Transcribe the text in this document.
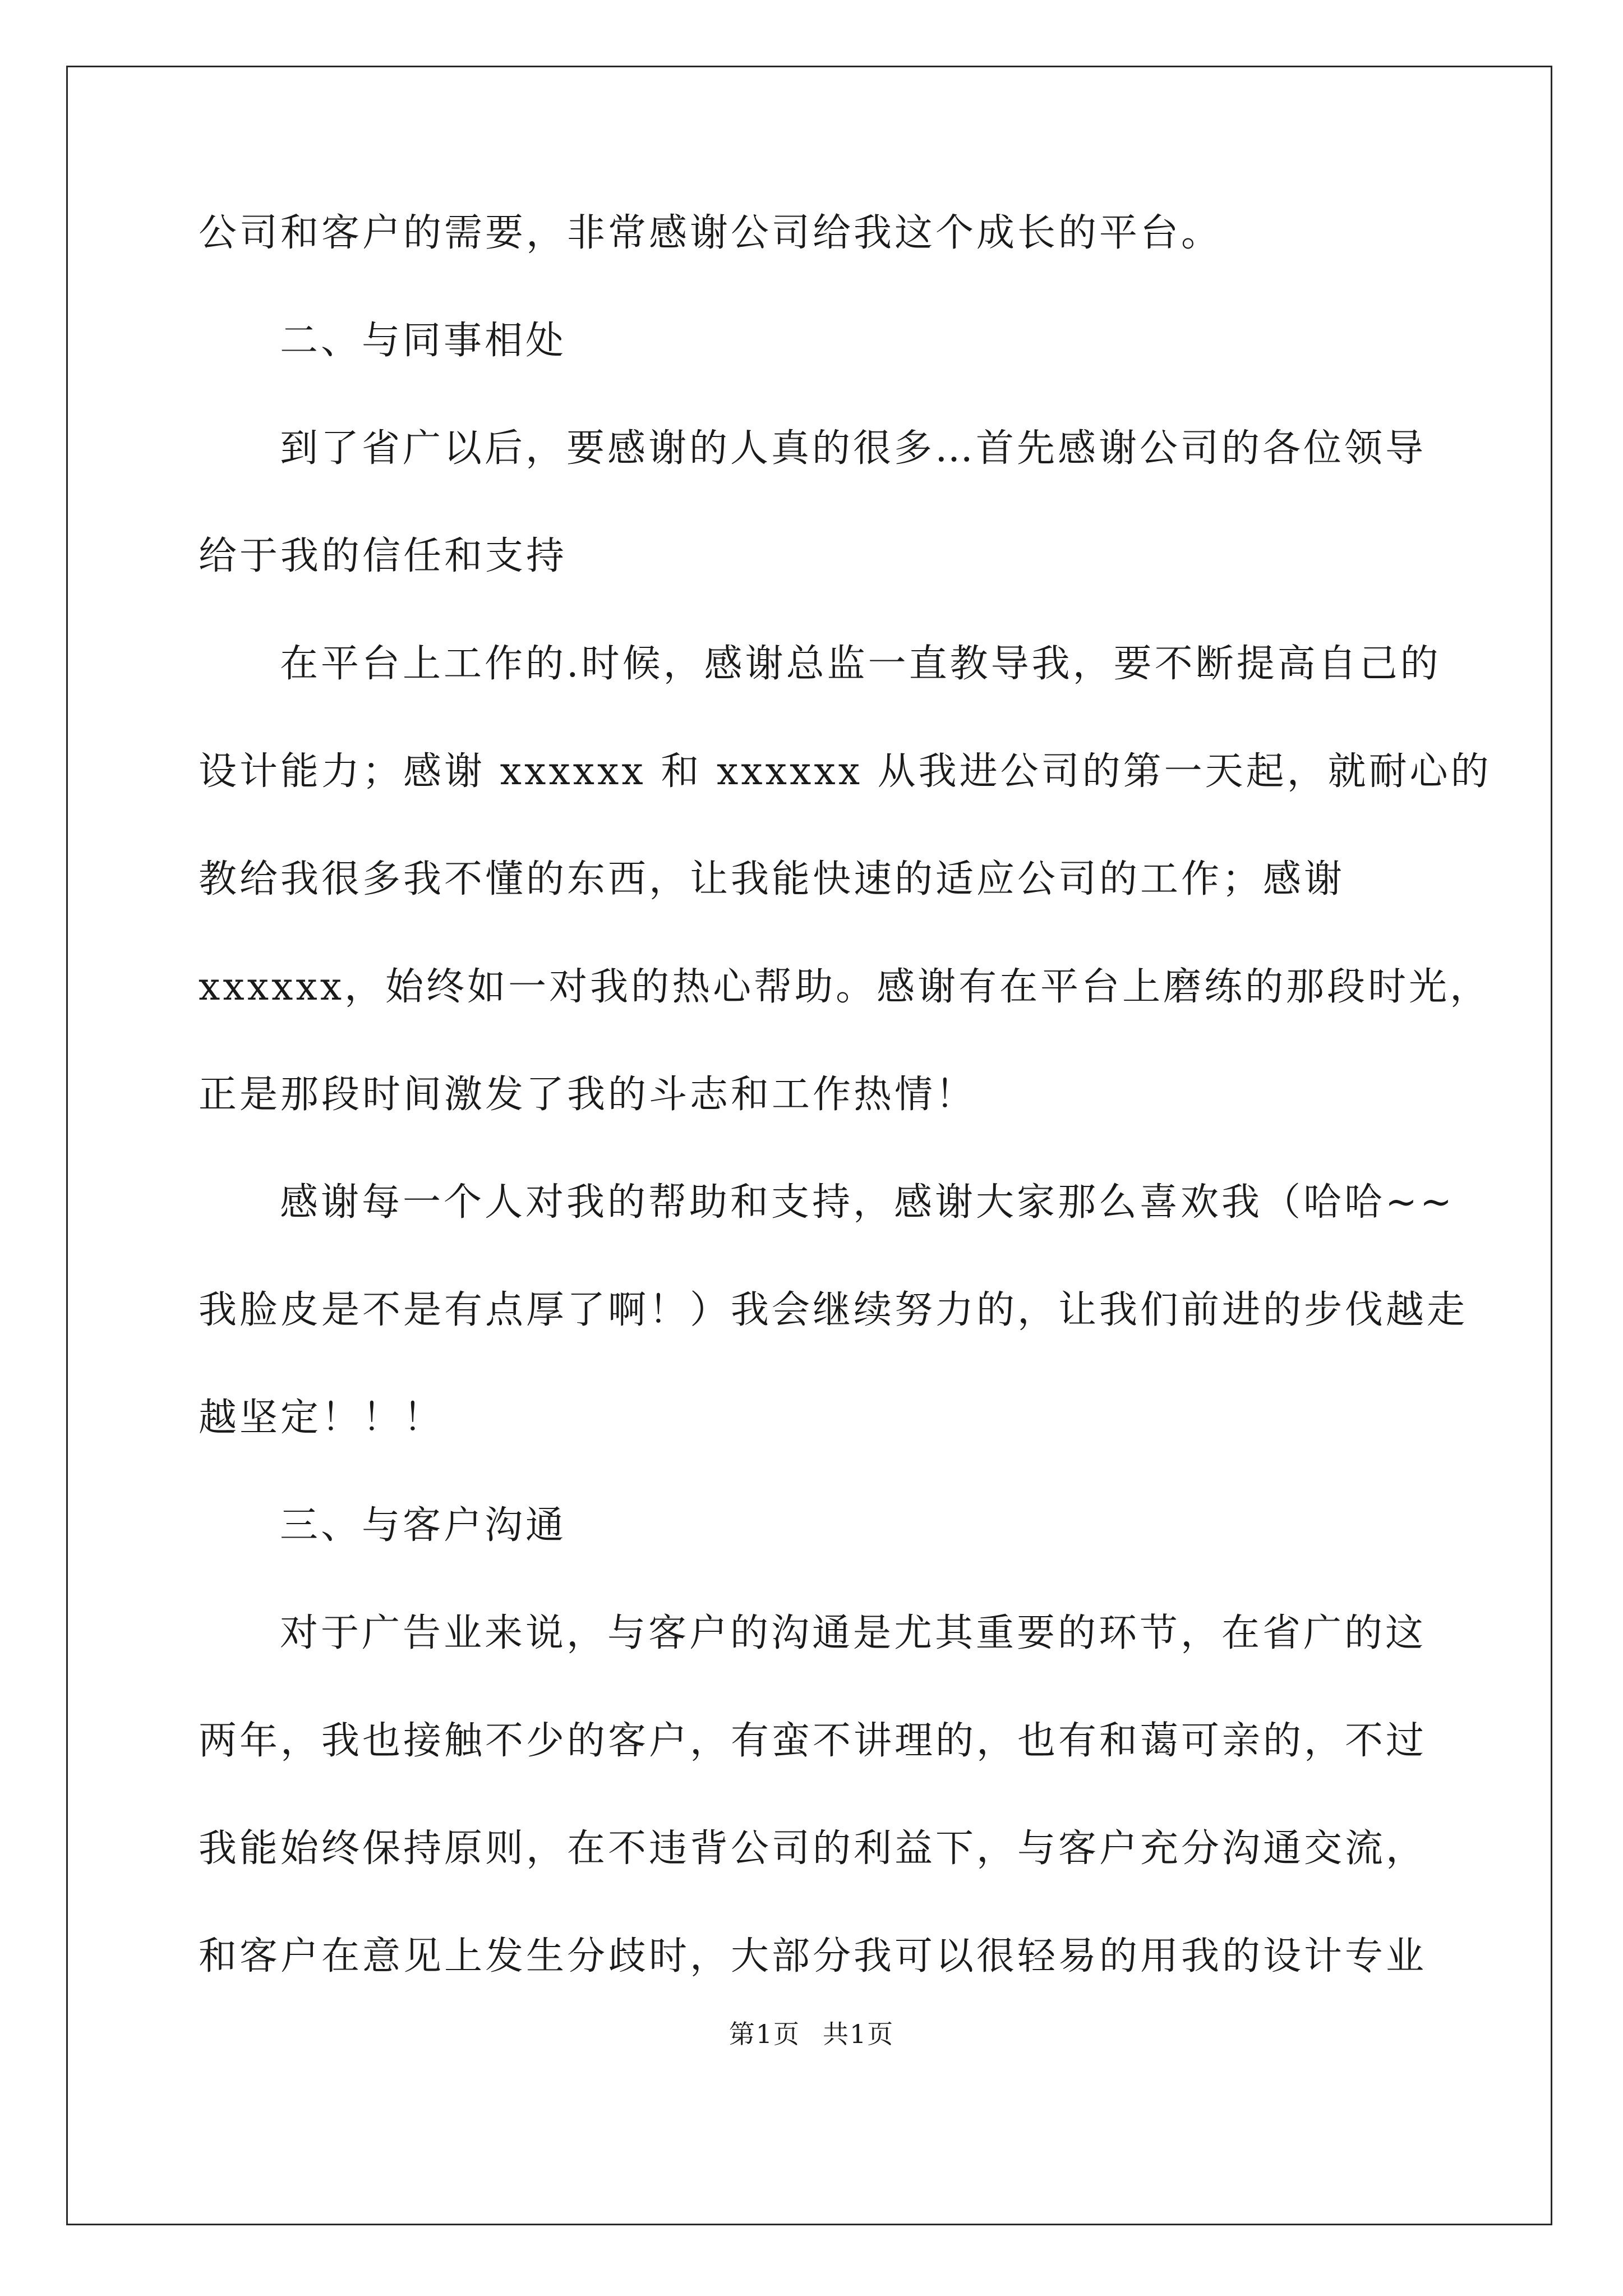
公司和客户的需要，非常感谢公司给我这个成长的平台。
二、与同事相处
到了省广以后，要感谢的人真的很多…首先感谢公司的各位领导
给于我的信任和支持
在平台上工作的.时候，感谢总监一直教导我，要不断提高自己的
设计能力；感谢 xxxxxx 和 xxxxxx 从我进公司的第一天起，就耐心的
教给我很多我不懂的东西，让我能快速的适应公司的工作；感谢
xxxxxx，始终如一对我的热心帮助。感谢有在平台上磨练的那段时光，
正是那段时间激发了我的斗志和工作热情！
感谢每一个人对我的帮助和支持，感谢大家那么喜欢我（哈哈~~
我脸皮是不是有点厚了啊！）我会继续努力的，让我们前进的步伐越走
越坚定！！！
三、与客户沟通
对于广告业来说，与客户的沟通是尤其重要的环节，在省广的这
两年，我也接触不少的客户，有蛮不讲理的，也有和蔼可亲的，不过
我能始终保持原则，在不违背公司的利益下，与客户充分沟通交流，
和客户在意见上发生分歧时，大部分我可以很轻易的用我的设计专业
第1页 共1页
